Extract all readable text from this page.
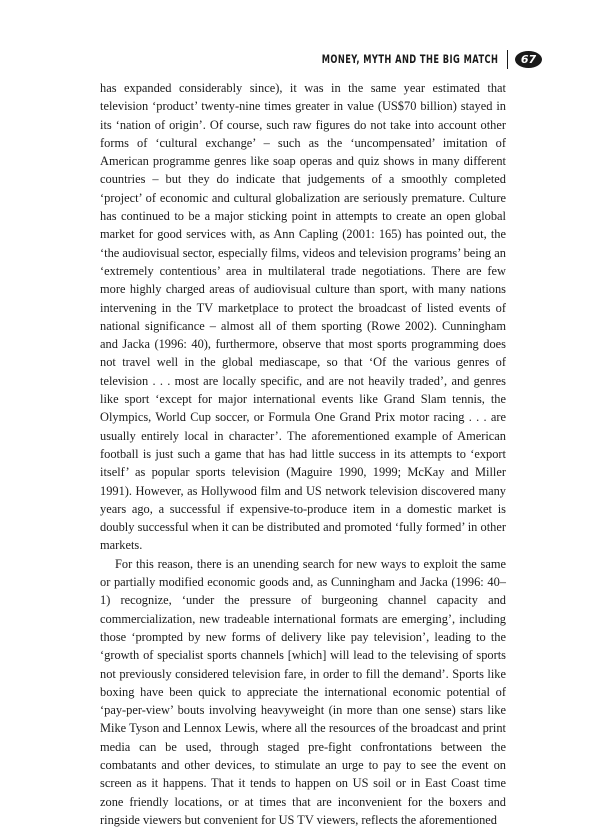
MONEY, MYTH AND THE BIG MATCH	67

has expanded considerably since), it was in the same year estimated that television ‘product’ twenty-nine times greater in value (US$70 billion) stayed in its ‘nation of origin’. Of course, such raw figures do not take into account other forms of ‘cultural exchange’ – such as the ‘uncompensated’ imitation of American programme genres like soap operas and quiz shows in many different countries – but they do indicate that judgements of a smoothly completed ‘project’ of economic and cultural globalization are seriously premature. Culture has continued to be a major sticking point in attempts to create an open global market for good services with, as Ann Capling (2001: 165) has pointed out, the ‘the audiovisual sector, especially films, videos and television programs’ being an ‘extremely contentious’ area in multilateral trade negotiations. There are few more highly charged areas of audiovisual culture than sport, with many nations intervening in the TV marketplace to protect the broadcast of listed events of national significance – almost all of them sporting (Rowe 2002). Cunningham and Jacka (1996: 40), furthermore, observe that most sports programming does not travel well in the global mediascape, so that ‘Of the various genres of television . . . most are locally specific, and are not heavily traded’, and genres like sport ‘except for major international events like Grand Slam tennis, the Olympics, World Cup soccer, or Formula One Grand Prix motor racing . . . are usually entirely local in character’. The aforementioned example of American football is just such a game that has had little success in its attempts to ‘export itself’ as popular sports television (Maguire 1990, 1999; McKay and Miller 1991). However, as Hollywood film and US network television discovered many years ago, a successful if expensive-to-produce item in a domestic market is doubly successful when it can be distributed and promoted ‘fully formed’ in other markets.

For this reason, there is an unending search for new ways to exploit the same or partially modified economic goods and, as Cunningham and Jacka (1996: 40–1) recognize, ‘under the pressure of burgeoning channel capacity and commercialization, new tradeable international formats are emerging’, including those ‘prompted by new forms of delivery like pay television’, leading to the ‘growth of specialist sports channels [which] will lead to the televising of sports not previously considered television fare, in order to fill the demand’. Sports like boxing have been quick to appreciate the international economic potential of ‘pay-per-view’ bouts involving heavyweight (in more than one sense) stars like Mike Tyson and Lennox Lewis, where all the resources of the broadcast and print media can be used, through staged pre-fight confrontations between the combatants and other devices, to stimulate an urge to pay to see the event on screen as it happens. That it tends to happen on US soil or in East Coast time zone friendly locations, or at times that are inconvenient for the boxers and ringside viewers but convenient for US TV viewers, reflects the aforementioned
